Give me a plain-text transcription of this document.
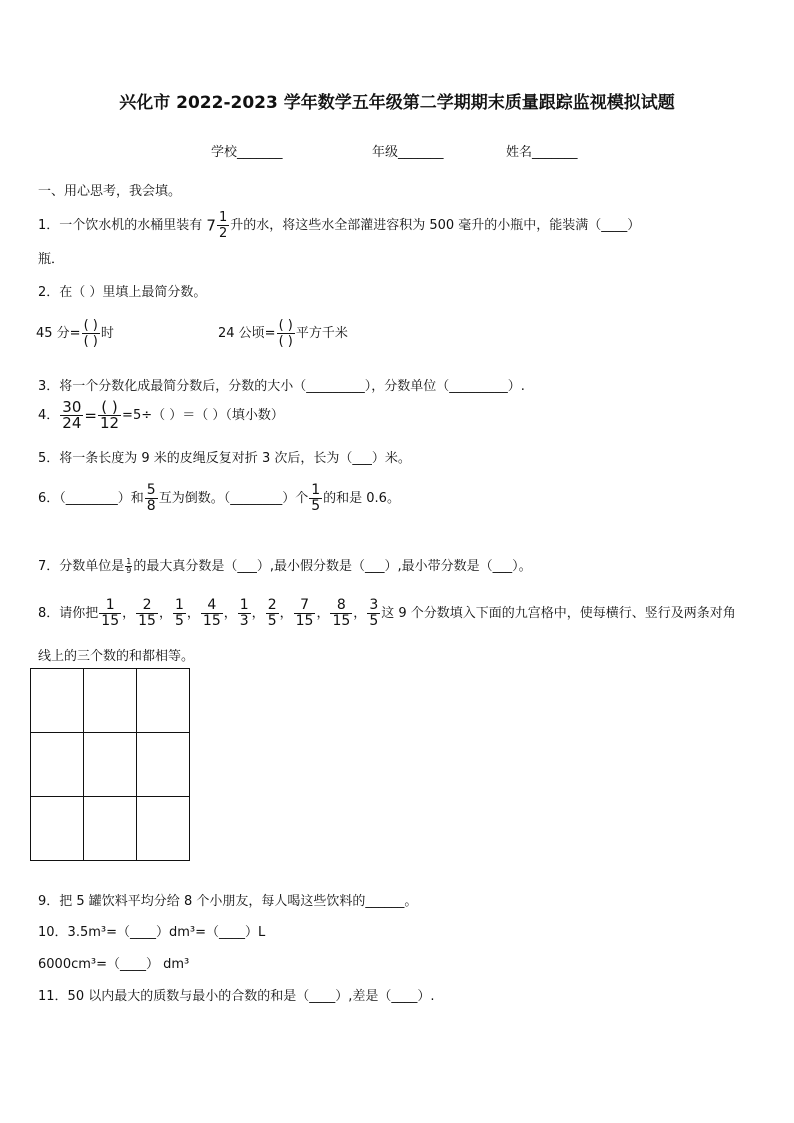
兴化市 2022-2023 学年数学五年级第二学期期末质量跟踪监视模拟试题
学校_______	年级_______	姓名_______
一、用心思考，我会填。
1．一个饮水机的水桶里装有 $7 \frac{1}{2}$ 升的水，将这些水全部灌进容积为 500 毫升的小瓶中，能装满（____）
瓶．
2．在（ ）里填上最简分数。
45 分= $\frac{( )}{( )}$ 时	24 公顷= $\frac{( )}{( )}$ 平方千米
3．将一个分数化成最简分数后，分数的大小（_________），分数单位（_________）.
4． $\frac{30}{24} = \frac{( )}{12} =5\div$（ ）＝（ ）（填小数）
5．将一条长度为 9 米的皮绳反复对折 3 次后，长为（___）米。
6．（________）和 $\frac{5}{8}$ 互为倒数。（________）个 $\frac{1}{5}$ 的和是 0.6。
7．分数单位是 $\frac{1}{9}$ 的最大真分数是（___）,最小假分数是（___）,最小带分数是（___）。
8．请你把 $\frac{1}{15}$ ， $\frac{2}{15}$ ， $\frac{1}{5}$ ， $\frac{4}{15}$ ， $\frac{1}{3}$ ， $\frac{2}{5}$ ， $\frac{7}{15}$ ， $\frac{8}{15}$ ， $\frac{3}{5}$ 这 9 个分数填入下面的九宫格中，使每横行、竖行及两条对角
线上的三个数的和都相等。

9．把 5 罐饮料平均分给 8 个小朋友，每人喝这些饮料的______。
10．3.5m³=（____）dm³=（____）L
6000cm³=（____） dm³
11．50 以内最大的质数与最小的合数的和是（____）,差是（____）.
